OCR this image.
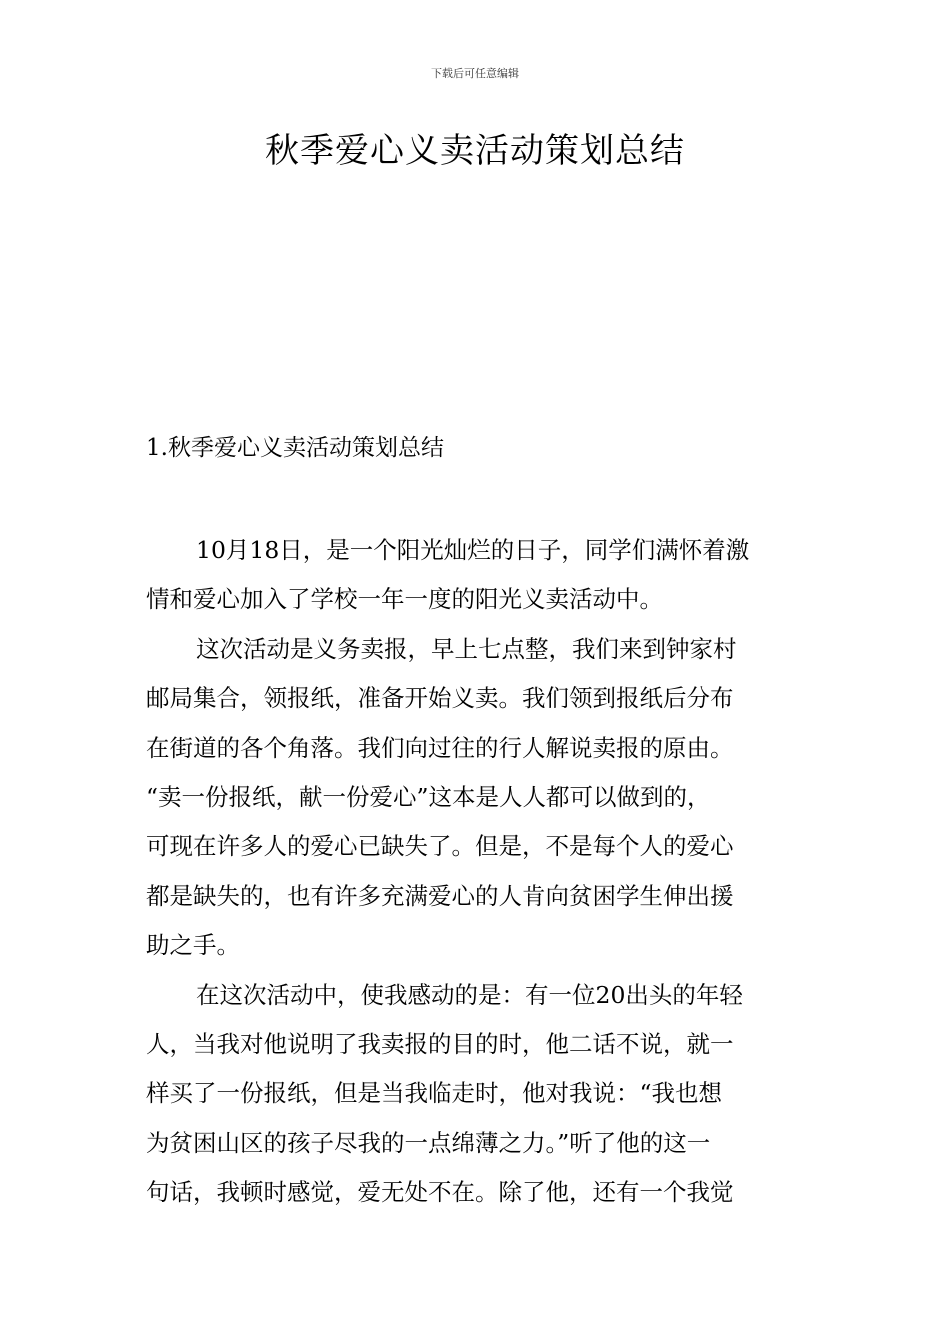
下载后可任意编辑
秋季爱心义卖活动策划总结
1.秋季爱心义卖活动策划总结
10月18日，是一个阳光灿烂的日子，同学们满怀着激
情和爱心加入了学校一年一度的阳光义卖活动中。
这次活动是义务卖报，早上七点整，我们来到钟家村
邮局集合，领报纸，准备开始义卖。我们领到报纸后分布
在街道的各个角落。我们向过往的行人解说卖报的原由。
“卖一份报纸，献一份爱心”这本是人人都可以做到的，
可现在许多人的爱心已缺失了。但是，不是每个人的爱心
都是缺失的，也有许多充满爱心的人肯向贫困学生伸出援
助之手。
在这次活动中，使我感动的是：有一位20出头的年轻
人，当我对他说明了我卖报的目的时，他二话不说，就一
样买了一份报纸，但是当我临走时，他对我说：“我也想
为贫困山区的孩子尽我的一点绵薄之力。”听了他的这一
句话，我顿时感觉，爱无处不在。除了他，还有一个我觉
